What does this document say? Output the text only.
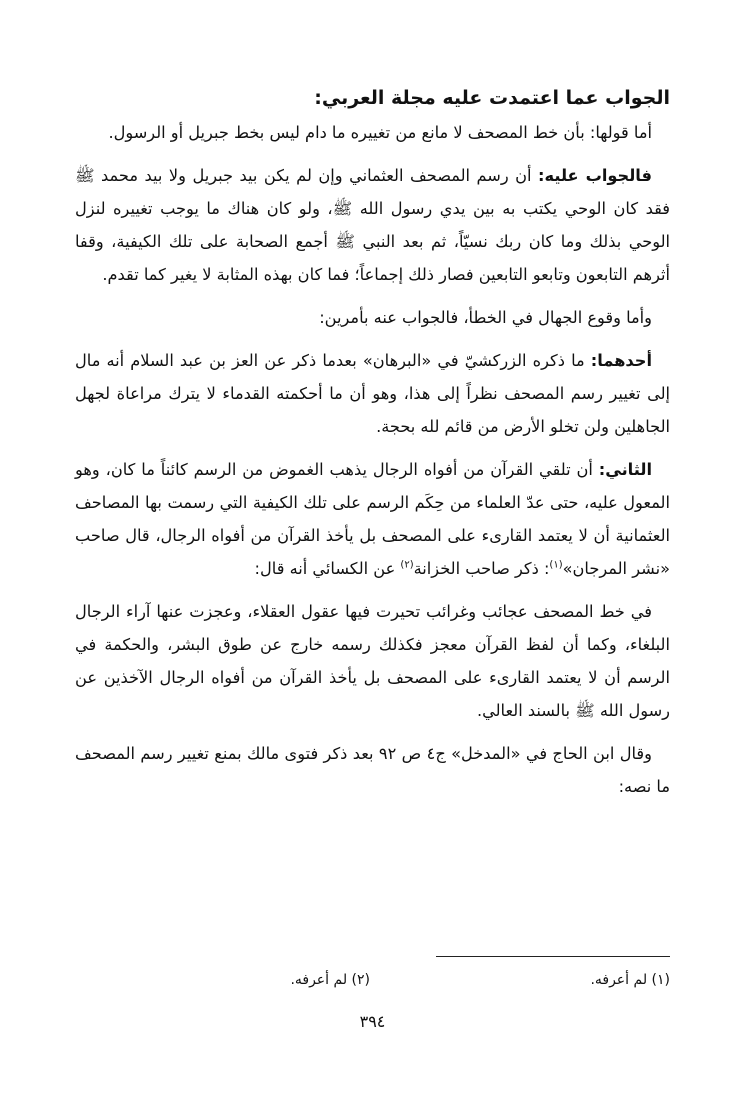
الجواب عما اعتمدت عليه مجلة العربي:

أما قولها: بأن خط المصحف لا مانع من تغييره ما دام ليس بخط جبريل أو الرسول.

فالجواب عليه: أن رسم المصحف العثماني وإن لم يكن بيد جبريل ولا بيد محمد ﷺ فقد كان الوحي يكتب به بين يدي رسول الله ﷺ، ولو كان هناك ما يوجب تغييره لنزل الوحي بذلك وما كان ربك نسيّاً، ثم بعد النبي ﷺ أجمع الصحابة على تلك الكيفية، وقفا أثرهم التابعون وتابعو التابعين فصار ذلك إجماعاً؛ فما كان بهذه المثابة لا يغير كما تقدم.

وأما وقوع الجهال في الخطأ، فالجواب عنه بأمرين:

أحدهما: ما ذكره الزركشيّ في «البرهان» بعدما ذكر عن العز بن عبد السلام أنه مال إلى تغيير رسم المصحف نظراً إلى هذا، وهو أن ما أحكمته القدماء لا يترك مراعاة لجهل الجاهلين ولن تخلو الأرض من قائم لله بحجة.

الثاني: أن تلقي القرآن من أفواه الرجال يذهب الغموض من الرسم كائناً ما كان، وهو المعول عليه، حتى عدّ العلماء من حِكَم الرسم على تلك الكيفية التي رسمت بها المصاحف العثمانية أن لا يعتمد القارىء على المصحف بل يأخذ القرآن من أفواه الرجال، قال صاحب «نشر المرجان»$^{(١)}$: ذكر صاحب الخزانة$^{(٢)}$ عن الكسائي أنه قال:

في خط المصحف عجائب وغرائب تحيرت فيها عقول العقلاء، وعجزت عنها آراء الرجال البلغاء، وكما أن لفظ القرآن معجز فكذلك رسمه خارج عن طوق البشر، والحكمة في الرسم أن لا يعتمد القارىء على المصحف بل يأخذ القرآن من أفواه الرجال الآخذين عن رسول الله ﷺ بالسند العالي.

وقال ابن الحاج في «المدخل» ج٤ ص ٩٢ بعد ذكر فتوى مالك بمنع تغيير رسم المصحف ما نصه:

(١) لم أعرفه.
(٢) لم أعرفه.
٣٩٤
